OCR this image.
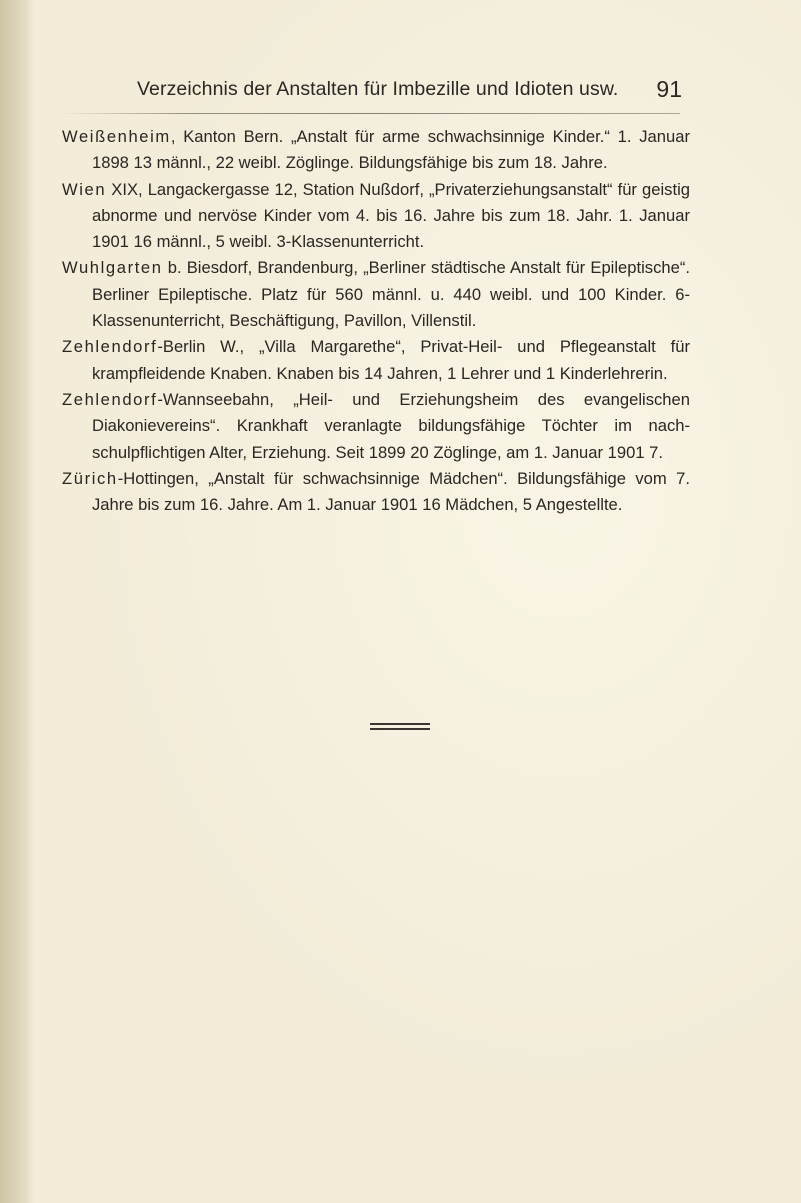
Verzeichnis der Anstalten für Imbezille und Idioten usw. 91

Weißenheim, Kanton Bern. „Anstalt für arme schwachsinnige Kinder.“ 1. Januar 1898 13 männl., 22 weibl. Zöglinge. Bildungsfähige bis zum 18. Jahre.

Wien XIX, Langackergasse 12, Station Nußdorf, „Privaterziehungsanstalt“ für geistig abnorme und nervöse Kinder vom 4. bis 16. Jahre bis zum 18. Jahr. 1. Januar 1901 16 männl., 5 weibl. 3-Klassenunterricht.

Wuhlgarten b. Biesdorf, Brandenburg, „Berliner städtische Anstalt für Epileptische“. Berliner Epileptische. Platz für 560 männl. u. 440 weibl. und 100 Kinder. 6-Klassenunterricht, Beschäftigung, Pavillon, Villenstil.

Zehlendorf-Berlin W., „Villa Margarethe“, Privat-Heil- und Pflegeanstalt für krampfleidende Knaben. Knaben bis 14 Jahren, 1 Lehrer und 1 Kinderlehrerin.

Zehlendorf-Wannseebahn, „Heil- und Erziehungsheim des evangelischen Diakonievereins“. Krankhaft veranlagte bildungsfähige Töchter im nach-schulpflichtigen Alter, Erziehung. Seit 1899 20 Zöglinge, am 1. Januar 1901 7.

Zürich-Hottingen, „Anstalt für schwachsinnige Mädchen“. Bildungsfähige vom 7. Jahre bis zum 16. Jahre. Am 1. Januar 1901 16 Mädchen, 5 Angestellte.
